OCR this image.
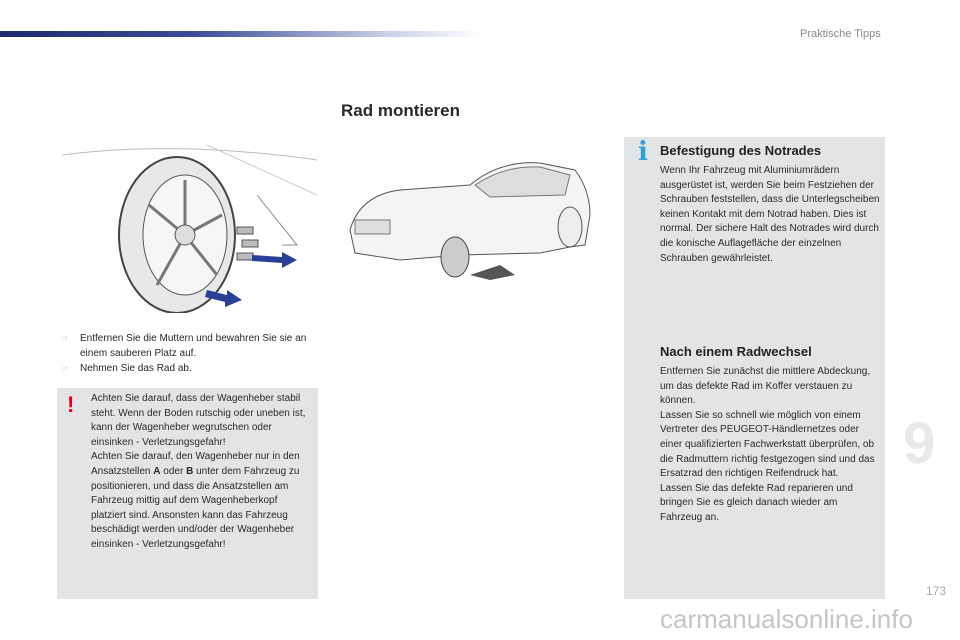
Praktische Tipps
Rad montieren
☞ Entfernen Sie die Muttern und bewahren Sie sie an einem sauberen Platz auf.
☞ Nehmen Sie das Rad ab.
! Achten Sie darauf, dass der Wagenheber stabil steht. Wenn der Boden rutschig oder uneben ist, kann der Wagenheber wegrutschen oder einsinken - Verletzungsgefahr!
Achten Sie darauf, den Wagenheber nur in den Ansatzstellen A oder B unter dem Fahrzeug zu positionieren, und dass die Ansatzstellen am Fahrzeug mittig auf dem Wagenheberkopf platziert sind. Ansonsten kann das Fahrzeug beschädigt werden und/oder der Wagenheber einsinken - Verletzungsgefahr!
i Befestigung des Notrades
Wenn Ihr Fahrzeug mit Aluminiumrädern ausgerüstet ist, werden Sie beim Festziehen der Schrauben feststellen, dass die Unterlegscheiben keinen Kontakt mit dem Notrad haben. Dies ist normal. Der sichere Halt des Notrades wird durch die konische Auflagefläche der einzelnen Schrauben gewährleistet.
Nach einem Radwechsel
Entfernen Sie zunächst die mittlere Abdeckung, um das defekte Rad im Koffer verstauen zu können.
Lassen Sie so schnell wie möglich von einem Vertreter des PEUGEOT-Händlernetzes oder einer qualifizierten Fachwerkstatt überprüfen, ob die Radmuttern richtig festgezogen sind und das Ersatzrad den richtigen Reifendruck hat.
Lassen Sie das defekte Rad reparieren und bringen Sie es gleich danach wieder am Fahrzeug an.
9
173
carmanualsonline.info
